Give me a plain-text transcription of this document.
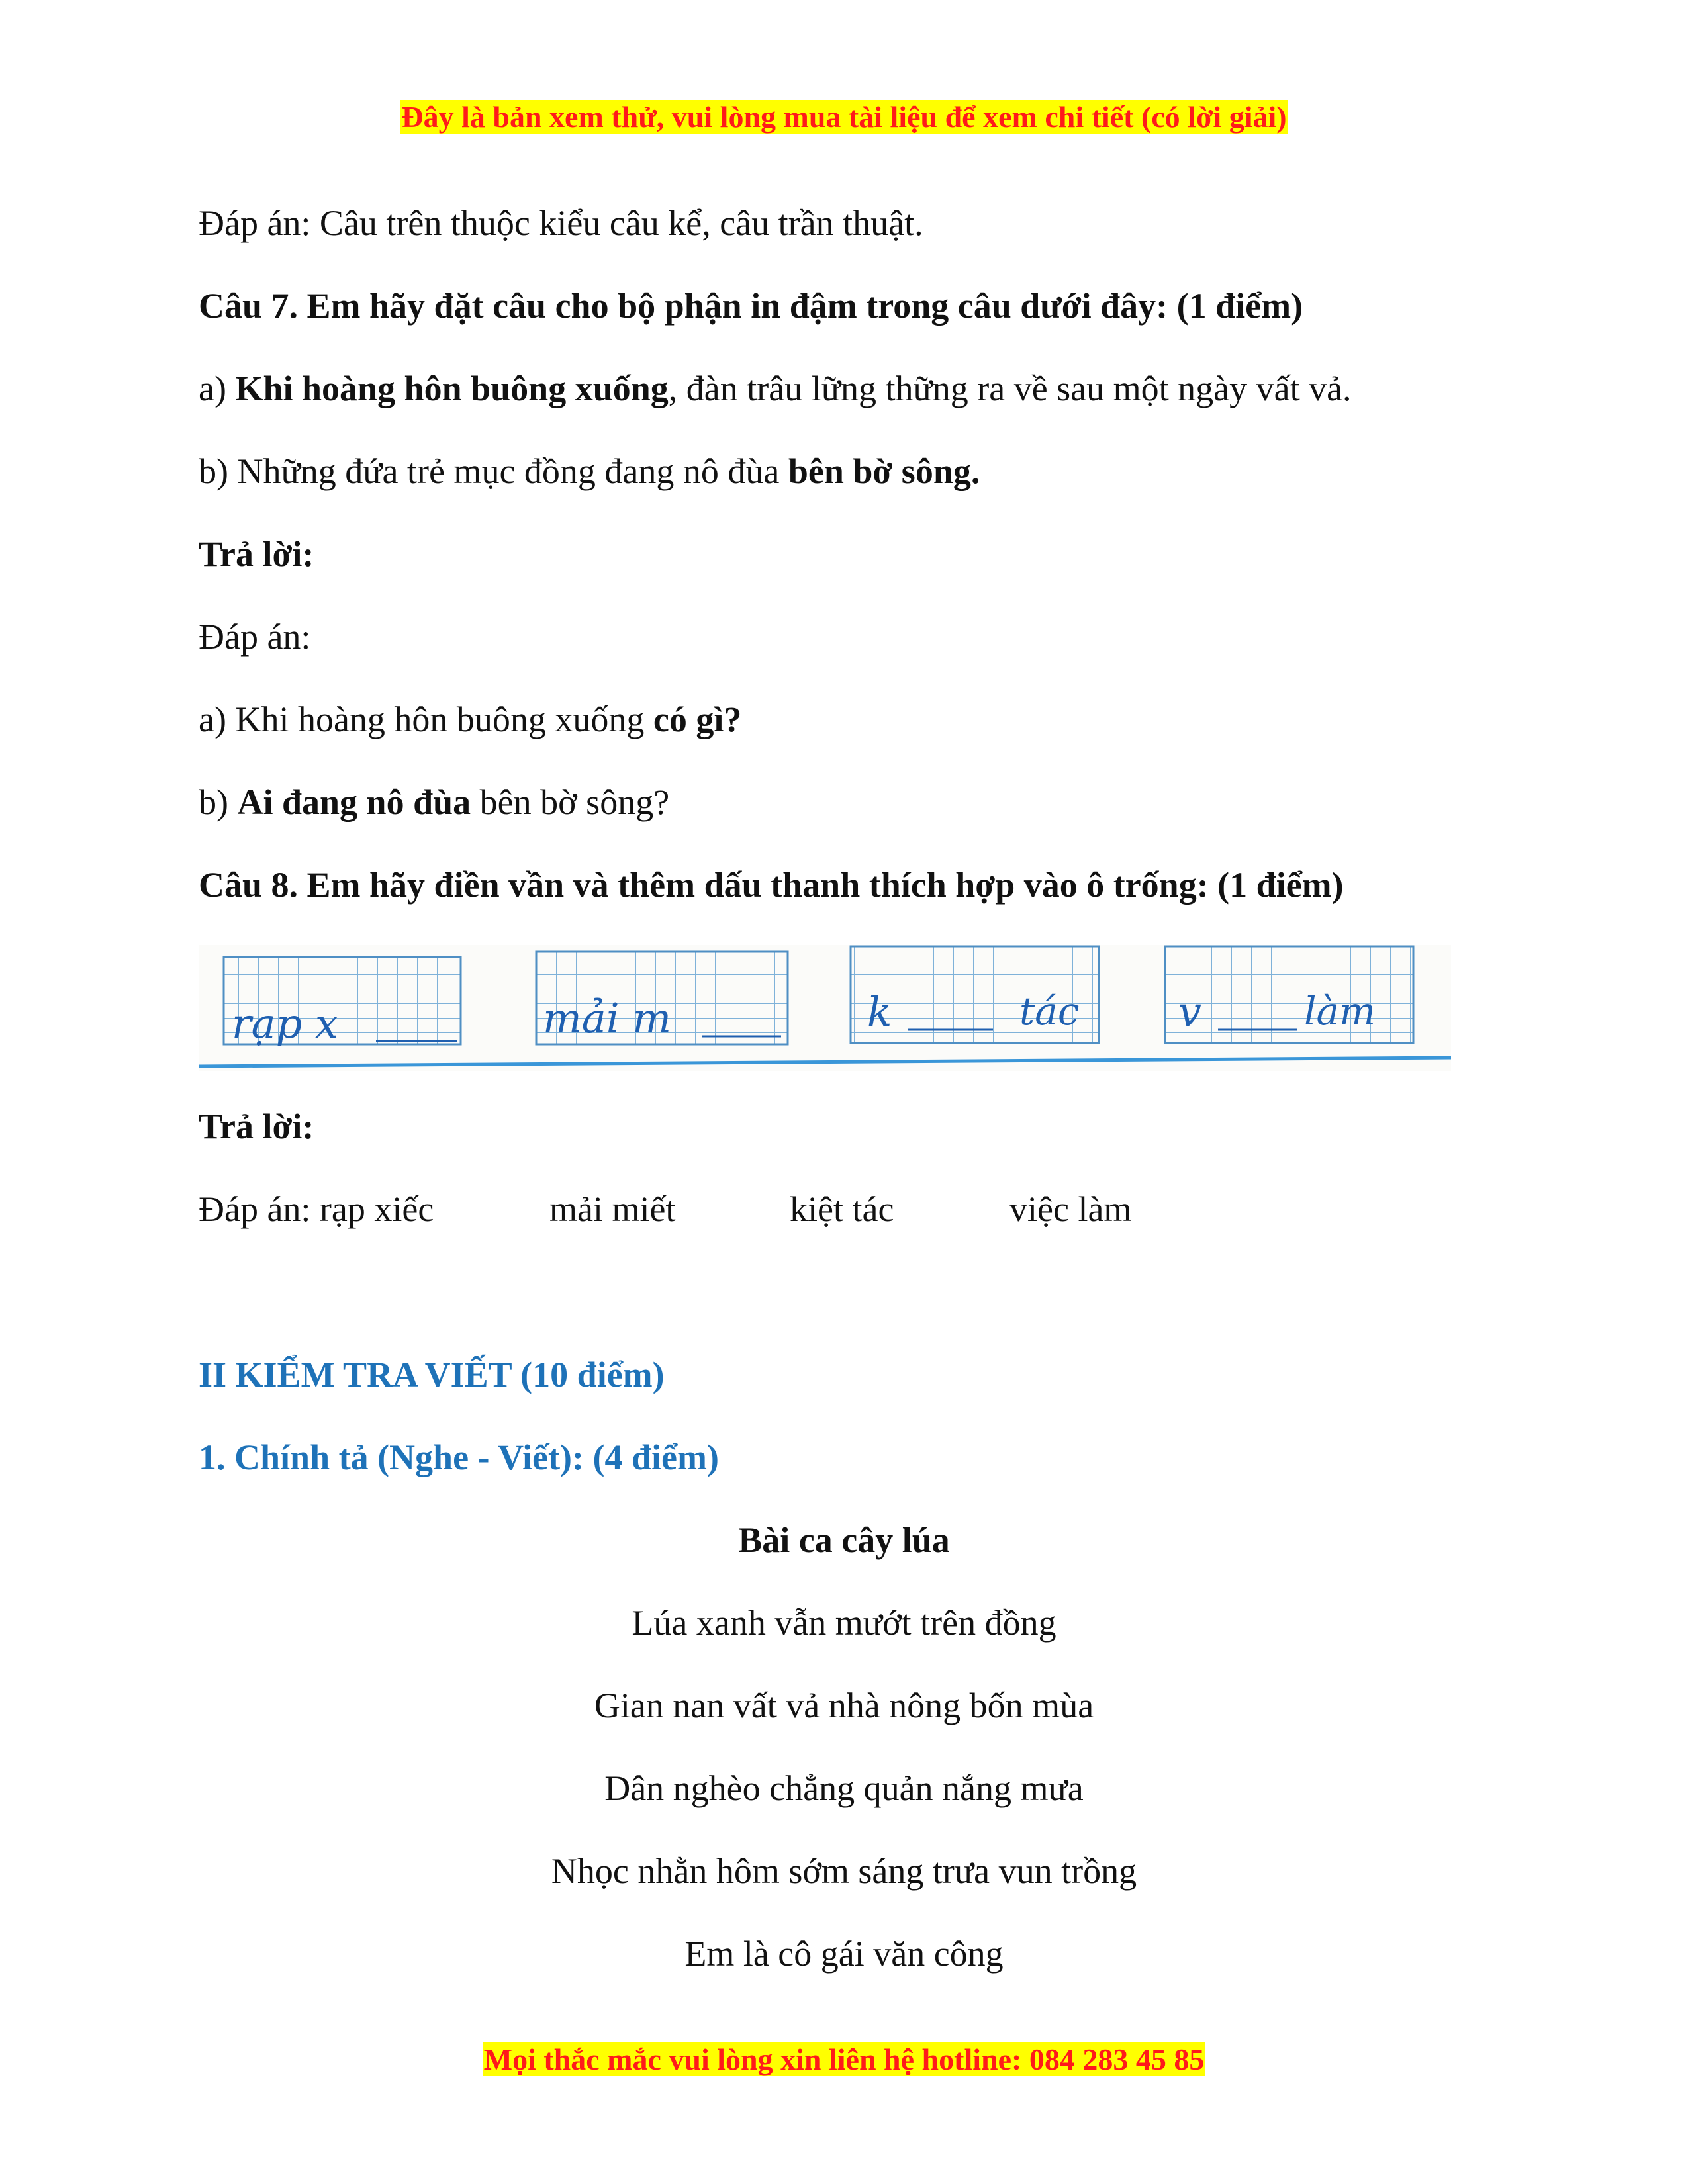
Đây là bản xem thử, vui lòng mua tài liệu để xem chi tiết (có lời giải)
Đáp án: Câu trên thuộc kiểu câu kể, câu trần thuật.
Câu 7. Em hãy đặt câu cho bộ phận in đậm trong câu dưới đây: (1 điểm)
a) Khi hoàng hôn buông xuống, đàn trâu lững thững ra về sau một ngày vất vả.
b) Những đứa trẻ mục đồng đang nô đùa bên bờ sông.
Trả lời:
Đáp án:
a) Khi hoàng hôn buông xuống có gì?
b) Ai đang nô đùa bên bờ sông?
Câu 8. Em hãy điền vần và thêm dấu thanh thích hợp vào ô trống: (1 điểm)
rạp x	mải m	k	tác v	làm
Trả lời:
Đáp án: rạp xiếc	mải miết	kiệt tác	việc làm
II KIỂM TRA VIẾT (10 điểm)
1. Chính tả (Nghe - Viết): (4 điểm)
Bài ca cây lúa
Lúa xanh vẫn mướt trên đồng
Gian nan vất vả nhà nông bốn mùa
Dân nghèo chẳng quản nắng mưa
Nhọc nhằn hôm sớm sáng trưa vun trồng
Em là cô gái văn công
Mọi thắc mắc vui lòng xin liên hệ hotline: 084 283 45 85
